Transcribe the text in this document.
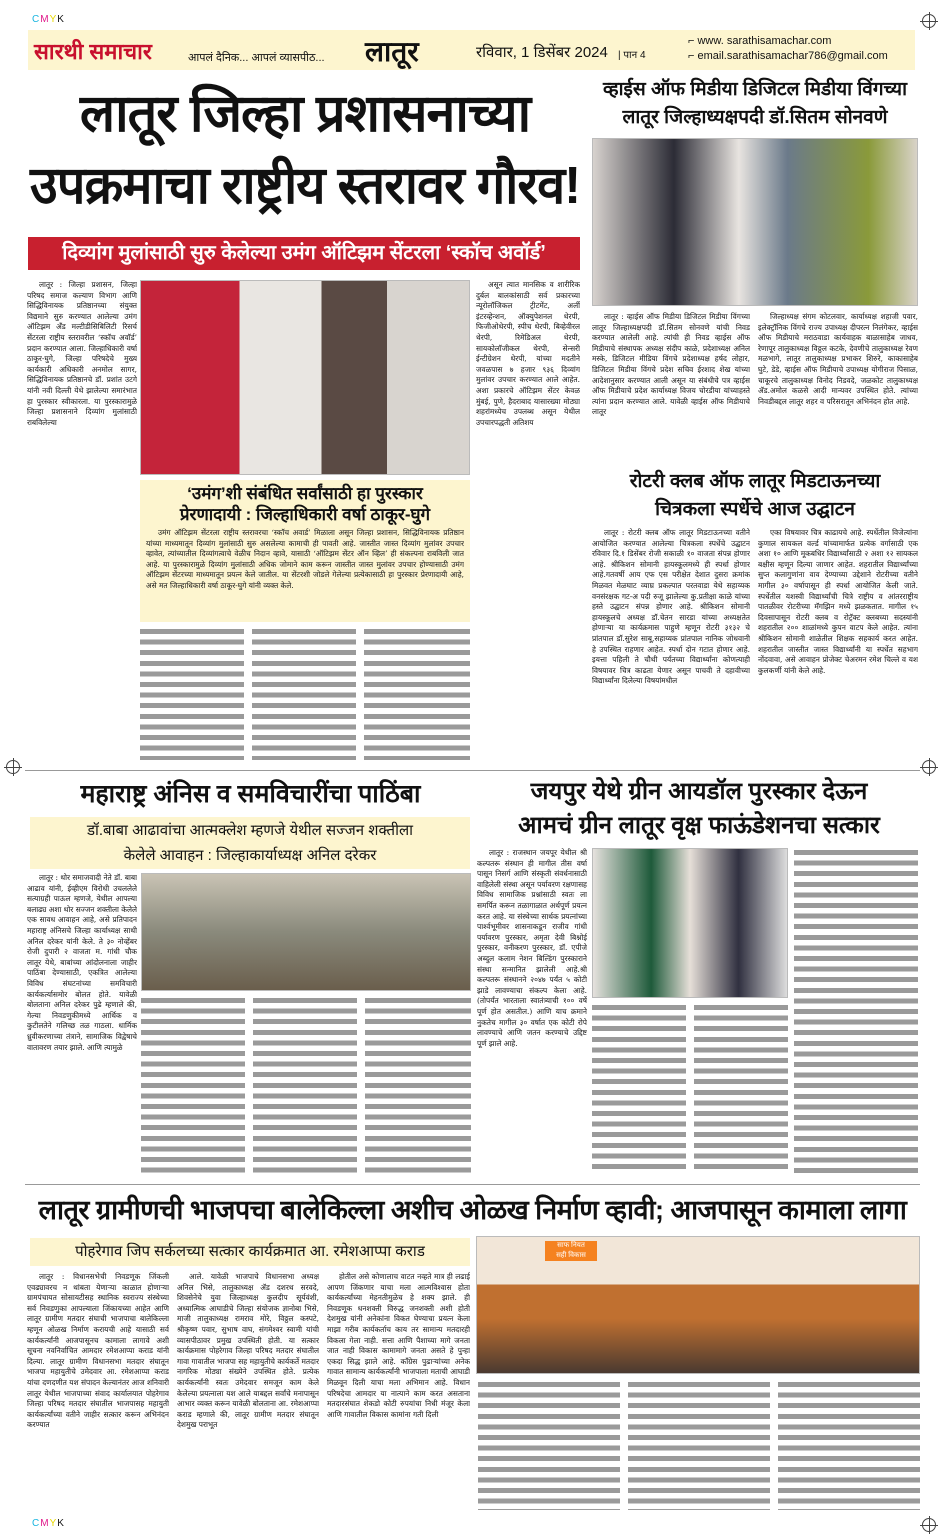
CMYK
सारथी समाचार	आपलं दैनिक... आपलं व्यासपीठ...	लातूर	रविवार, 1 डिसेंबर 2024	| पान 4
⌐ www. sarathisamachar.com
⌐ email.sarathisamachar786@gmail.com
लातूर जिल्हा प्रशासनाच्या
उपक्रमाचा राष्ट्रीय स्तरावर गौरव!
दिव्यांग मुलांसाठी सुरु केलेल्या उमंग ऑटिझम सेंटरला ‘स्कॉच अवॉर्ड’
लातूर : जिल्हा प्रशासन, जिल्हा परिषद समाज कल्याण विभाग आणि सिद्धिविनायक प्रतिष्ठानच्या संयुक्त विद्यमाने सुरु करण्यात आलेल्या उमंग ऑटिझम अँड मल्टीडीसिबिलिटी रिसर्च सेंटरला राष्ट्रीय स्तरावरील ‘स्कॉच अवॉर्ड’ प्रदान करण्यात आला. जिल्हाधिकारी वर्षा ठाकूर-घुगे, जिल्हा परिषदेचे मुख्य कार्यकारी अधिकारी अनमोल सागर, सिद्धिविनायक प्रतिष्ठानचे डॉ. प्रशांत उटगे यांनी नवी दिल्ली येथे झालेल्या समारंभात हा पुरस्कार स्वीकारला. या पुरस्कारामुळे जिल्हा प्रशासनाने दिव्यांग मुलांसाठी राबविलेल्या
‘उमंग’शी संबंधित सर्वांसाठी हा पुरस्कार
प्रेरणादायी : जिल्हाधिकारी वर्षा ठाकूर-घुगे
उमंग ऑटिझम सेंटरला राष्ट्रीय स्तरावरचा ‘स्कॉच अवार्ड’ मिळाला असून जिल्हा प्रशासन, सिद्धिविनायक प्रतिष्ठान यांच्या माध्यमातून दिव्यांग मुलांसाठी सुरु असलेल्या कामाची ही पावती आहे. जास्तीत जास्त दिव्यांग मुलांवर उपचार व्हावेत, त्यांच्यातील दिव्यांगत्वाचे वेळीच निदान व्हावे, यासाठी ‘ऑटिझम सेंटर ऑन व्हिल’ ही संकल्पना राबविली जात आहे. या पुरस्कारामुळे दिव्यांग मुलांसाठी अधिक जोमाने काम करून जास्तीत जास्त मुलांवर उपचार होण्यासाठी उमंग ऑटिझम सेंटरच्या माध्यमातून प्रयत्न केले जातील. या सेंटरशी जोडले गेलेल्या प्रत्येकासाठी हा पुरस्कार प्रेरणादायी आहे, असे मत जिल्हाधिकारी वर्षा ठाकूर-घुगे यांनी व्यक्त केले.
असून त्यात मानसिक व शारीरिक दुर्बल बालकांसाठी सर्व प्रकारच्या न्यूरोलॉजिकल ट्रीटमेंट, अर्ली इंटरव्हेन्शन, ऑक्युपेशनल थेरपी, फिजीओथेरपी, स्पीच थेरपी, बिव्हेवीरल थेरपी, रिमेडिअल थेरपी, सायकोलॉजीकल थेरपी, सेन्सरी ईन्टीग्रेशन थेरपी, यांच्या मदतीने जवळपास ७ हजार ९३६ दिव्यांग मुलांवर उपचार करण्यात आले आहेत. अशा प्रकारचे ऑटिझम सेंटर केवळ मुंबई, पुणे, हैदराबाद यासारख्या मोठ्या शहरांमध्येच उपलब्ध असून येथील उपचारपद्धती अतिशय
व्हाईस ऑफ मिडीया डिजिटल मिडीया विंगच्या
लातूर जिल्हाध्यक्षपदी डॉ.सितम सोनवणे
लातूर : व्हाईस ऑफ मिडीया डिजिटल मिडीया विंगच्या लातूर जिल्हाध्यक्षपदी डॉ.सितम सोनवणे यांची निवड करण्यात आलेली आहे. त्यांची ही निवड व्हाईस ऑफ मिडीयाचे संस्थापक अध्यक्ष संदीप काळे, प्रदेशाध्यक्ष अनिल मस्के, डिजिटल मीडिया विंगचे प्रदेशाध्यक्ष हर्षद लोहार, डिजिटल मिडीया विंगचे प्रदेश सचिव ईरशाद शेख यांच्या आदेशानुसार करण्यात आली असून या संबंधीचे पत्र व्हाईस ऑफ मिडीयाचे प्रदेश कार्याध्यक्ष विजय चोरडीया यांच्याहस्ते त्यांना प्रदान करण्यात आले. यावेळी व्हाईस ऑफ मिडीयाचे लातूर
जिल्हाध्यक्ष संगम कोटलवार, कार्याध्यक्ष शहाजी पवार, इलेक्ट्रॉनिक विंगचे राज्य उपाध्यक्ष दीपरत्न निलंगेकर, व्हाईस ऑफ मिडीयाचे मराठवाडा कार्यवाहक बाळासाहेब जाधव, रेणापूर तालुकाध्यक्ष विठ्ठल कटके, देवणीचे तालुकाध्यक्ष रेवण मळभागे, लातूर तालुकाध्यक्ष प्रभाकर शिरुरे, काकासाहेब घुटे, डेडे, व्हाईस ऑफ मिडीयाचे उपाध्यक्ष योगीराज पिसाळ, चाकूरचे तालुकाध्यक्ष विनोद निडवदे, जळकोट तालुकाध्यक्ष ॲड.अमोल कळसे आदी मान्यवर उपस्थित होते. त्यांच्या निवडीबद्दल लातूर शहर व परिसरातून अभिनंदन होत आहे.
रोटरी क्लब ऑफ लातूर मिडटाऊनच्या
चित्रकला स्पर्धेचे आज उद्घाटन
लातूर : रोटरी क्लब ऑफ लातूर मिडटाऊनच्या वतीने आयोजित करण्यात आलेल्या चित्रकला स्पर्धेचे उद्घाटन रविवार दि.१ डिसेंबर रोजी सकाळी १० वाजता संपन्न होणार आहे. श्रीकिशन सोमानी हायस्कूलमध्ये ही स्पर्धा होणार आहे.गतवर्षी आय एफ एस परीक्षेत देशात दुसरा क्रमांक मिळवत मेळघाट व्याघ्र प्रकल्पात परतवाडा येथे सहाय्यक वनसंरक्षक गट-अ पदी रुजू झालेल्या कु.प्रतीक्षा काळे यांच्या हस्ते उद्घाटन संपन्न होणार आहे. श्रीकिशन सोमानी हायस्कूलचे अध्यक्ष डॉ.चेतन सारडा यांच्या अध्यक्षतेत होणाऱ्या या कार्यक्रमास पाहुणे म्हणून रोटरी ३१३२ चे प्रांतपाल डॉ.सुरेश साबू,सहाय्यक प्रांतपाल नानिक जोधवानी हे उपस्थित राहणार आहेत. स्पर्धा दोन गटात होणार आहे. इयत्ता पहिली ते चौथी पर्यंतच्या विद्यार्थ्यांना कोणत्याही विषयावर चित्र काढता येणार असून पाचवी ते दहावीच्या विद्यार्थ्यांना दिलेल्या विषयांमधील
एका विषयावर चित्र काढायचे आहे. स्पर्धेतील विजेत्यांना कुणाल सायकल वर्ल्ड यांच्यामार्फत प्रत्येक वर्गासाठी एक अशा १० आणि मूकबधिर विद्यार्थ्यांसाठी २ अशा १२ सायकल बक्षीस म्हणून दिल्या जाणार आहेत. शहरातील विद्यार्थ्यांच्या सुप्त कलागुणांना वाव देण्याच्या उद्देशाने रोटरीच्या वतीने मागील ३० वर्षापासून ही स्पर्धा आयोजित केली जाते. स्पर्धेतील यशस्वी विद्यार्थ्यांची चित्रे राष्ट्रीय व आंतरराष्ट्रीय पातळीवर रोटरीच्या मॅगझिन मध्ये झळकतात. मागील १५ दिवसापासून रोटरी क्लब व रोट्रॅक्ट क्लबच्या सदस्यांनी शहरातील २०० शाळांमध्ये कुपन वाटप केले आहेत. त्यांना श्रीकिशन सोमानी शाळेतील शिक्षक सहकार्य करत आहेत. शहरातील जास्तीत जास्त विद्यार्थ्यांनी या स्पर्धेत सहभाग नोंदवावा, असे आवाहन प्रोजेक्ट चेअरमन रमेश चिल्ले व यश कुलकर्णी यांनी केले आहे.
महाराष्ट्र अंनिस व समविचारींचा पाठिंबा
डॉ.बाबा आढावांचा आत्मक्लेश म्हणजे येथील सज्जन शक्तीला
केलेले आवाहन : जिल्हाकार्याध्यक्ष अनिल दरेकर
लातूर : थोर समाजवादी नेते डॉ. बाबा आढाव यांनी, ईव्हीएम विरोधी उचललेले सत्याग्रही पाऊल म्हणजे, येथील आपल्या बलाढ्य अशा थोर सज्जन शक्तीला केलेले एक सावध आवाहन आहे, असे प्रतिपादन महाराष्ट्र अंनिसचे जिल्हा कार्याध्यक्ष साथी अनिल दरेकर यांनी केले. ते ३० नोव्हेंबर रोजी दुपारी २ वाजता म. गांधी चौक लातूर येथे, बाबांच्या आंदोलनाला जाहीर पाठिंबा देण्यासाठी, एकत्रित आलेल्या विविध संघटनांच्या समविचारी कार्यकर्त्यासमोर बोलत होते. यावेळी बोलताना अनिल दरेकर पुढे म्हणाले की, गेल्या निवडणुकीमध्ये आर्थिक व कुटीलतेने गलिच्छ तळ गाठला. धार्मिक ध्रुवीकरणाच्या तंत्राने, सामाजिक विद्वेषाचे वातावरण तयार झाले. आणि त्यामुळे
जयपुर येथे ग्रीन आयडॉल पुरस्कार देऊन
आमचं ग्रीन लातूर वृक्ष फाऊंडेशनचा सत्कार
लातूर : राजस्थान जयपूर येथील श्री कल्पतरू संस्थान ही मागील तीस वर्षा पासून निसर्ग आणि संस्कृती संवर्धनासाठी वाहिलेली संस्था असून पर्यावरण रक्षणासह विविध सामाजिक प्रश्नांसाठी स्वतः ला समर्पित करून तळागाळात अर्थपूर्ण प्रयत्न करत आहे. या संस्थेच्या सार्थक प्रयत्नांच्या पार्श्वभूमीवर शासनाकडून राजीव गांधी पर्यावरण पुरस्कार, अमृता देवी बिश्नोई पुरस्कार, वनीकरण पुरस्कार, डॉ. एपीजे अब्दुल कलाम नेशन बिल्डिंग पुरस्काराने संस्था सन्मानित झालेली आहे.श्री कल्पतरू संस्थानने २०४७ पर्यंत ५ कोटी झाडे लावण्याचा संकल्प केला आहे. (तोपर्यंत भारताला स्वातंत्र्याची १०० वर्षे पूर्ण होत असतील.) आणि याच क्रमाने नुकतेच मागील ३० वर्षात एक कोटी रोपे लावण्याचे आणि जतन करण्याचे उद्दिष्ट पूर्ण झाले आहे.
लातूर ग्रामीणची भाजपचा बालेकिल्ला अशीच ओळख निर्माण व्हावी; आजपासून कामाला लागा
पोहरेगाव जिप सर्कलच्या सत्कार कार्यक्रमात आ. रमेशआप्पा कराड	साफ नियत
सही विकास
लातूर : विधानसभेची निवडणूक जिंकली एवढ्यावरच न थांबता येणाऱ्या काळात होणाऱ्या ग्रामपंचायत सोसायटीसह स्थानिक स्वराज्य संस्थेच्या सर्व निवडणुका आपल्याला जिंकायच्या आहेत आणि लातूर ग्रामीण मतदार संघाची भाजपाचा बालेकिल्ला म्हणून ओळख निर्माण करायची आहे यासाठी सर्व कार्यकर्त्यांनी आजपासूनच कामाला लागावे अशी सूचना नवनिर्वाचित आमदार रमेशआप्पा कराड यांनी दिल्या. लातूर ग्रामीण विधानसभा मतदार संघातून भाजपा महायुतीचे उमेदवार आ. रमेशआप्पा कराड यांचा दणदणीत यश संपादन केल्यानंतर आज शनिवारी लातूर येथील भाजपाच्या संवाद कार्यालयात पोहरेगाव जिल्हा परिषद मतदार संघातील भाजपासह महायुती कार्यकर्त्यांच्या वतीने जाहीर सत्कार करून अभिनंदन करण्यात
आले. यावेळी भाजपाचे विधानसभा अध्यक्ष अनिल भिसे, तालुकाध्यक्ष ॲड दशरथ सरवदे, शिवसेनेचे युवा जिल्हाध्यक्ष कुलदीप सूर्यवंशी, अध्यात्मिक आघाडीचे जिल्हा संयोजक ज्ञानोबा भिसे, माजी तालुकाध्यक्ष रामराव मोरे, विठ्ठल कस्पटे, श्रीकृष्ण पवार, सुभाष वाघ, संगमेश्वर स्वामी यांची व्यासपीठावर प्रमुख उपस्थिती होती. या सत्कार कार्यक्रमास पोहरेगाव जिल्हा परिषद मतदार संघातील गावा गावातील भाजपा सह महायुतीचे कार्यकर्ते मतदार नागरिक मोठ्या संख्येने उपस्थित होते. प्रत्येक कार्यकर्त्यांनी स्वतः उमेदवार समजून काम केले केलेल्या प्रयत्नाला यश आले याबद्दल सर्वांचे मनापासून आभार व्यक्त करून यावेळी बोलताना आ. रमेशआप्पा कराड म्हणाले की, लातूर ग्रामीण मतदार संघातून देशमुख पराभूत
होतील असे कोणालाच वाटत नव्हते मात्र ही लढाई आपण जिंकणार याचा मला आत्मविश्वास होता कार्यकर्त्यांच्या मेहनतीमुळेच हे शक्य झाले. ही निवडणूक धनशक्ती विरुद्ध जनशक्ती अशी होती देशमुख यांनी अनेकांना विकत घेण्याचा प्रयत्न केला माझा गरीब कार्यकर्ताच काय तर सामान्य मतदारही विकला गेला नाही. सत्ता आणि पैशाच्या मागे जनता जात नाही विकास कामामागे जनता असते हे पुन्हा एकदा सिद्ध झाले आहे. काँग्रेस पुढाऱ्यांच्या अनेक गावात सामान्य कार्यकर्त्यांनी भाजपाला मताची आघाडी मिळवून दिली याचा मला अभिमान आहे. विधान परिषदेचा आमदार या नात्याने काम करत असताना मतदारसंघात शेकडो कोटी रुपयांचा निधी मंजूर केला आणि गावातील विकास कामांना गती दिली
CMYK
